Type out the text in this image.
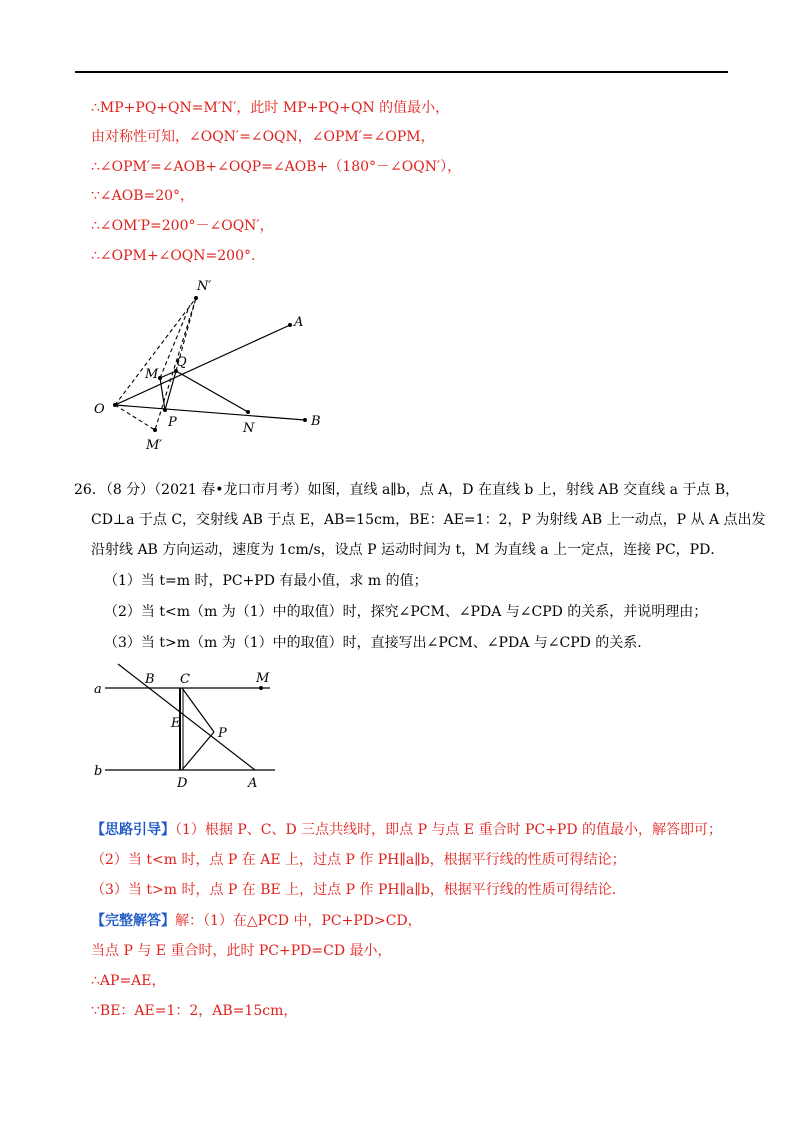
∴MP+PQ+QN=M′N′，此时 MP+PQ+QN 的值最小，
由对称性可知，∠OQN′=∠OQN，∠OPM′=∠OPM，
∴∠OPM′=∠AOB+∠OQP=∠AOB+（180°－∠OQN′），
∵∠AOB=20°，
∴∠OM′P=200°－∠OQN′，
∴∠OPM+∠OQN=200°.
N′
A
M
Q
O
P	N	B
M′
26．（8 分）（2021 春•龙口市月考）如图，直线 a∥b，点 A，D 在直线 b 上，射线 AB 交直线 a 于点 B，
CD⊥a 于点 C，交射线 AB 于点 E，AB=15cm，BE：AE=1：2，P 为射线 AB 上一动点，P 从 A 点出发
沿射线 AB 方向运动，速度为 1cm/s，设点 P 运动时间为 t，M 为直线 a 上一定点，连接 PC，PD．
（1）当 t=m 时，PC+PD 有最小值，求 m 的值；
（2）当 t<m（m 为（1）中的取值）时，探究∠PCM、∠PDA 与∠CPD 的关系，并说明理由；
（3）当 t>m（m 为（1）中的取值）时，直接写出∠PCM、∠PDA 与∠CPD 的关系．
a
B C	M
E
P
b
D	A
【思路引导】（1）根据 P、C、D 三点共线时，即点 P 与点 E 重合时 PC+PD 的值最小，解答即可；
（2）当 t<m 时，点 P 在 AE 上，过点 P 作 PH∥a∥b，根据平行线的性质可得结论；
（3）当 t>m 时，点 P 在 BE 上，过点 P 作 PH∥a∥b，根据平行线的性质可得结论．
【完整解答】解：（1）在△PCD 中，PC+PD>CD，
当点 P 与 E 重合时，此时 PC+PD=CD 最小，
∴AP=AE，
∵BE：AE=1：2，AB=15cm，
